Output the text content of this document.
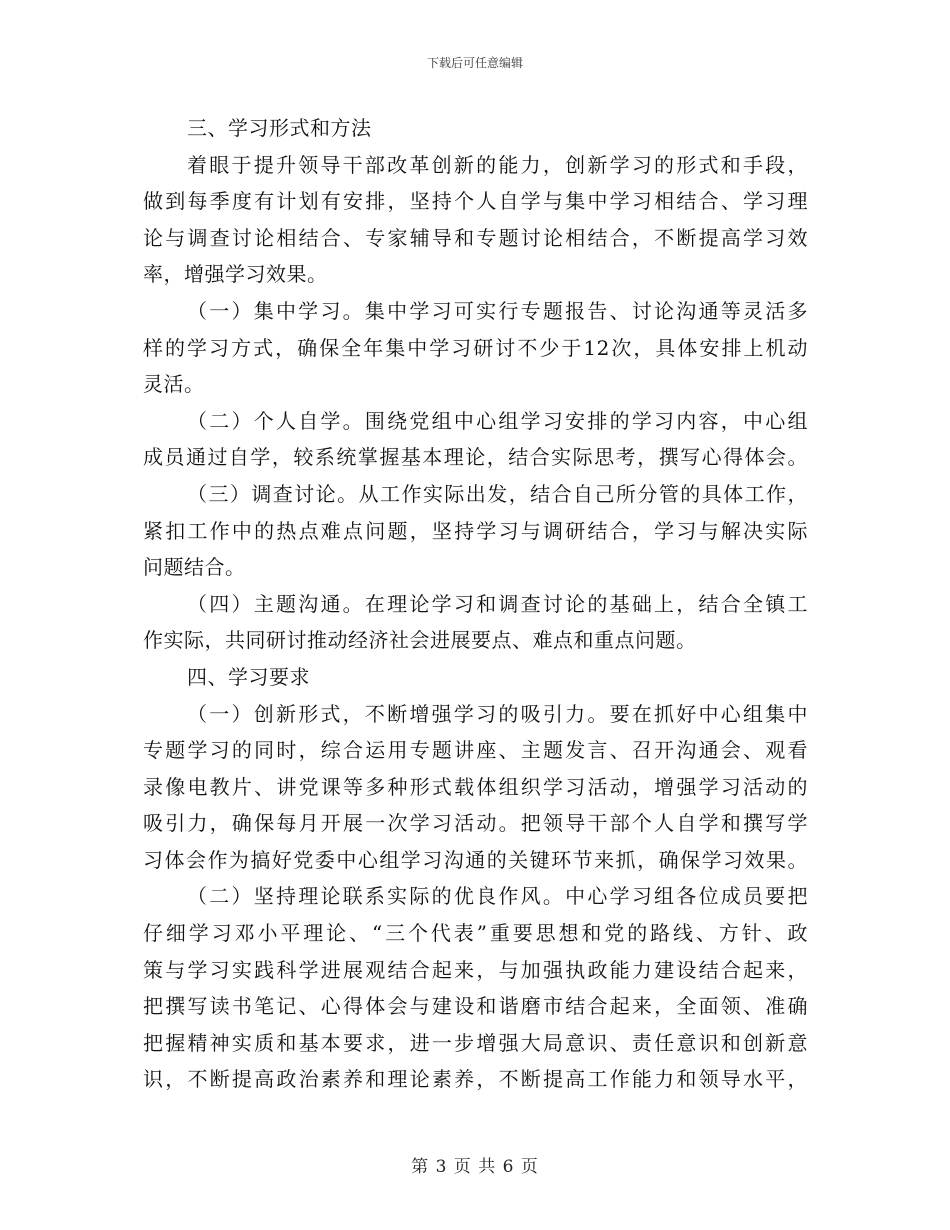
下载后可任意编辑
三、学习形式和方法
着眼于提升领导干部改革创新的能力，创新学习的形式和手段，
做到每季度有计划有安排，坚持个人自学与集中学习相结合、学习理
论与调查讨论相结合、专家辅导和专题讨论相结合，不断提高学习效
率，增强学习效果。
（一）集中学习。集中学习可实行专题报告、讨论沟通等灵活多
样的学习方式，确保全年集中学习研讨不少于12次，具体安排上机动
灵活。
（二）个人自学。围绕党组中心组学习安排的学习内容，中心组
成员通过自学，较系统掌握基本理论，结合实际思考，撰写心得体会。
（三）调查讨论。从工作实际出发，结合自己所分管的具体工作，
紧扣工作中的热点难点问题，坚持学习与调研结合，学习与解决实际
问题结合。
（四）主题沟通。在理论学习和调查讨论的基础上，结合全镇工
作实际，共同研讨推动经济社会进展要点、难点和重点问题。
四、学习要求
（一）创新形式，不断增强学习的吸引力。要在抓好中心组集中
专题学习的同时，综合运用专题讲座、主题发言、召开沟通会、观看
录像电教片、讲党课等多种形式载体组织学习活动，增强学习活动的
吸引力，确保每月开展一次学习活动。把领导干部个人自学和撰写学
习体会作为搞好党委中心组学习沟通的关键环节来抓，确保学习效果。
（二）坚持理论联系实际的优良作风。中心学习组各位成员要把
仔细学习邓小平理论、“三个代表”重要思想和党的路线、方针、政
策与学习实践科学进展观结合起来，与加强执政能力建设结合起来，
把撰写读书笔记、心得体会与建设和谐磨市结合起来，全面领、准确
把握精神实质和基本要求，进一步增强大局意识、责任意识和创新意
识，不断提高政治素养和理论素养，不断提高工作能力和领导水平，
第 3 页 共 6 页
